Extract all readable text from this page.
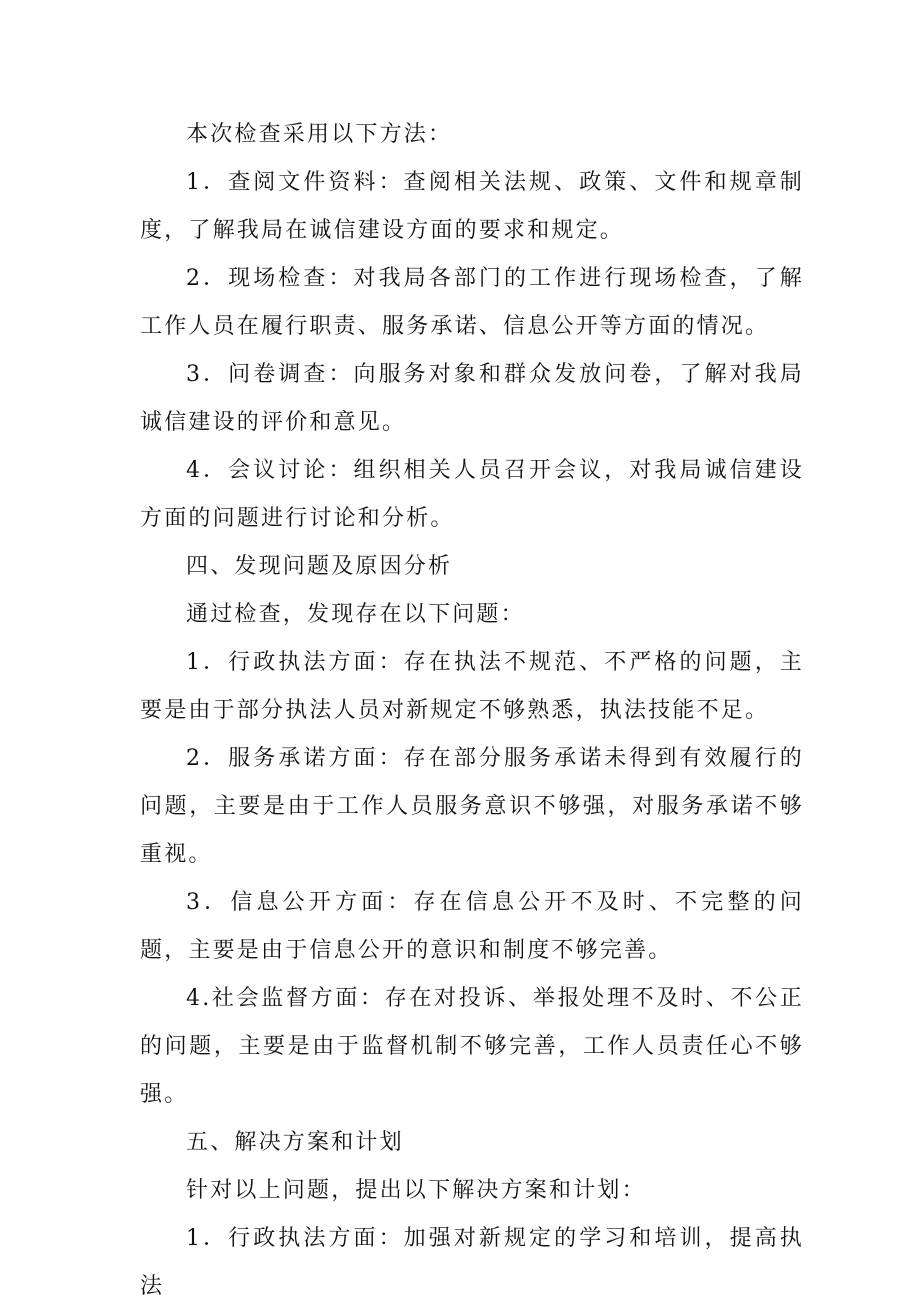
本次检查采用以下方法：

1．查阅文件资料：查阅相关法规、政策、文件和规章制度，了解我局在诚信建设方面的要求和规定。

2．现场检查：对我局各部门的工作进行现场检查，了解工作人员在履行职责、服务承诺、信息公开等方面的情况。

3．问卷调查：向服务对象和群众发放问卷，了解对我局诚信建设的评价和意见。

4．会议讨论：组织相关人员召开会议，对我局诚信建设方面的问题进行讨论和分析。

四、发现问题及原因分析

通过检查，发现存在以下问题：

1．行政执法方面：存在执法不规范、不严格的问题，主要是由于部分执法人员对新规定不够熟悉，执法技能不足。

2．服务承诺方面：存在部分服务承诺未得到有效履行的问题，主要是由于工作人员服务意识不够强，对服务承诺不够重视。

3．信息公开方面：存在信息公开不及时、不完整的问题，主要是由于信息公开的意识和制度不够完善。

4.社会监督方面：存在对投诉、举报处理不及时、不公正的问题，主要是由于监督机制不够完善，工作人员责任心不够强。

五、解决方案和计划

针对以上问题，提出以下解决方案和计划：

1．行政执法方面：加强对新规定的学习和培训，提高执法
